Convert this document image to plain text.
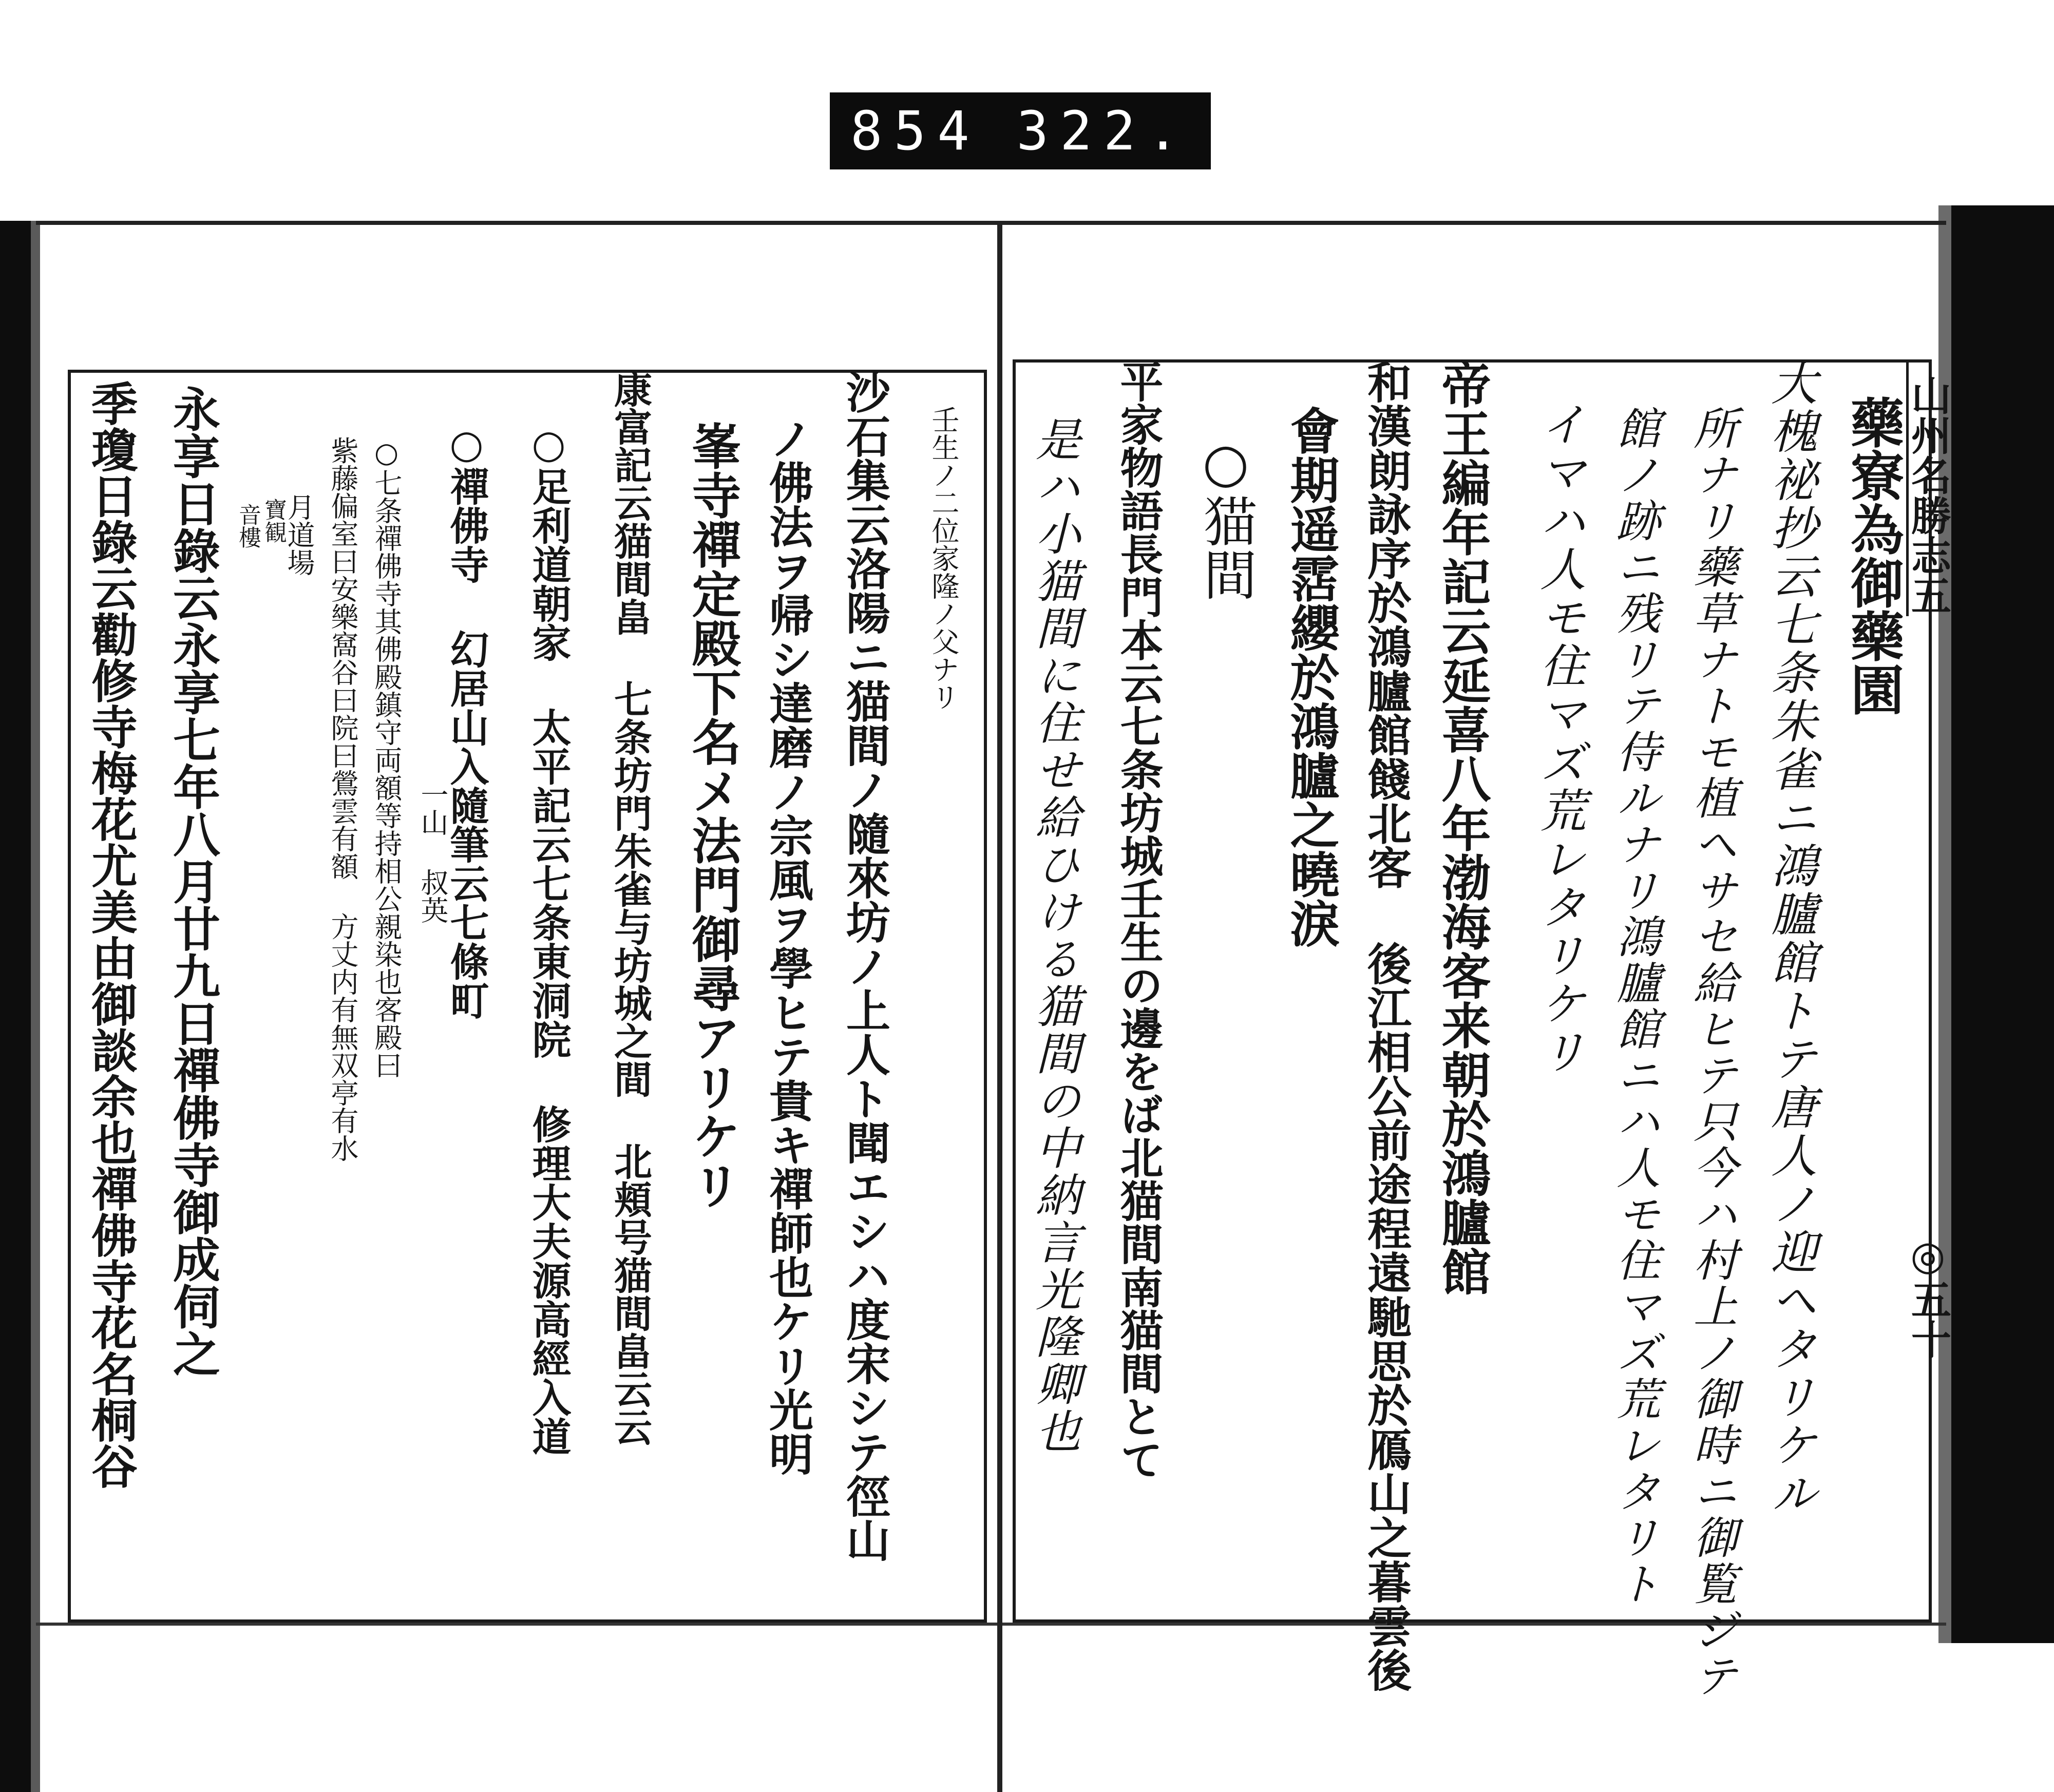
854 322.
山州名勝志五
◎五十
藥寮為御藥園
大槐祕抄云七条朱雀ニ鴻臚館トテ唐人ノ迎ヘタリケル
所ナリ藥草ナトモ植ヘサセ給ヒテ只今ハ村上ノ御時ニ御覧ジテ
館ノ跡ニ残リテ侍ルナリ鴻臚館ニハ人モ住マズ荒レタリト
イマハ人モ住マズ荒レタリケリ
帝王編年記云延喜八年渤海客来朝於鴻臚館
和漢朗詠序於鴻臚館餞北客 後江相公前途程遠馳思於鴈山之暮雲後
會期遥霑纓於鴻臚之曉淚
○猫間
平家物語長門本云七条坊城壬生の邊をば北猫間南猫間とて
是ハ小猫間に住せ給ひける猫間の中納言光隆卿也
壬生ノ二位家隆ノ父ナリ
沙石集云洛陽ニ猫間ノ隨來坊ノ上人ト聞エシハ度宋シテ徑山
ノ佛法ヲ帰シ達磨ノ宗風ヲ學ヒテ貴キ禪師也ケリ光明
峯寺禪定殿下名メ法門御尋アリケリ
康富記云猫間畠 七条坊門朱雀与坊城之間 北頬号猫間畠云云
○足利道朝家 太平記云七条東洞院 修理大夫源高經入道
○禪佛寺 幻居山入隨筆云七條町
一山 叔英
○七条禪佛寺其佛殿鎮守両額等持相公親染也客殿曰
紫藤偏室曰安樂窩谷曰院曰鶯雲有額 方丈内有無双亭有水
月道場
寶観
音樓
永享日錄云永享七年八月廿九日禪佛寺御成伺之
季瓊日錄云勸修寺梅花尤美由御談余也禪佛寺花名桐谷
